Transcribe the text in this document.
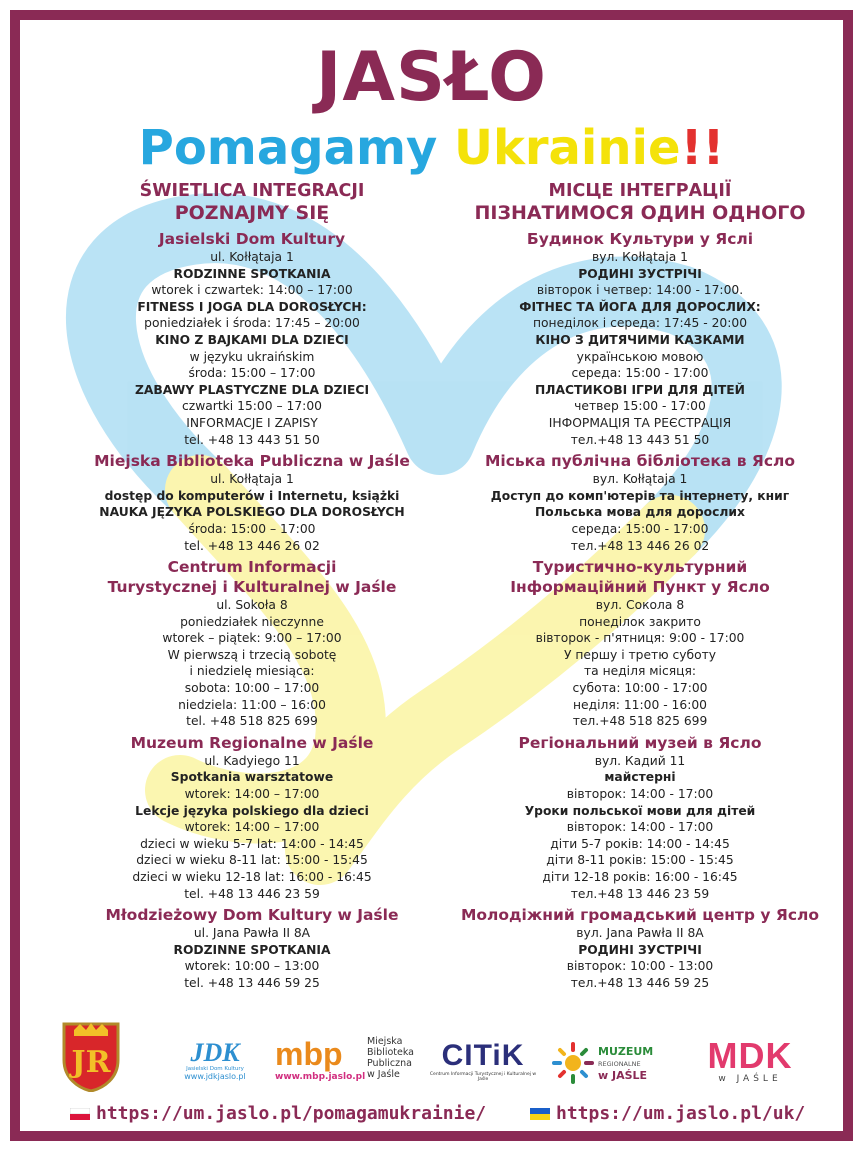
JASŁO
Pomagamy Ukrainie!!

ŚWIETLICA INTEGRACJI

POZNAJMY SIĘ

Jasielski Dom Kultury

ul. Kołłątaja 1

RODZINNE SPOTKANIA

wtorek i czwartek: 14:00 – 17:00

FITNESS I JOGA DLA DOROSŁYCH:

poniedziałek i środa: 17:45 – 20:00

KINO Z BAJKAMI DLA DZIECI

w języku ukraińskim

środa: 15:00 – 17:00

ZABAWY PLASTYCZNE DLA DZIECI

czwartki 15:00 – 17:00

INFORMACJE I ZAPISY

tel. +48 13 443 51 50

Miejska Biblioteka Publiczna w Jaśle

ul. Kołłątaja 1

dostęp do komputerów i Internetu, książki

NAUKA JĘZYKA POLSKIEGO DLA DOROSŁYCH

środa: 15:00 – 17:00

tel. +48 13 446 26 02

Centrum Informacji

Turystycznej i Kulturalnej w Jaśle

ul. Sokoła 8

poniedziałek nieczynne

wtorek – piątek: 9:00 – 17:00

W pierwszą i trzecią sobotę

i niedzielę miesiąca:

sobota: 10:00 – 17:00

niedziela: 11:00 – 16:00

tel. +48 518 825 699

Muzeum Regionalne w Jaśle

ul. Kadyiego 11

Spotkania warsztatowe

wtorek: 14:00 – 17:00

Lekcje języka polskiego dla dzieci

wtorek: 14:00 – 17:00

dzieci w wieku 5-7 lat: 14:00 - 14:45

dzieci w wieku 8-11 lat: 15:00 - 15:45

dzieci w wieku 12-18 lat: 16:00 - 16:45

tel. +48 13 446 23 59

Młodzieżowy Dom Kultury w Jaśle

ul. Jana Pawła II 8A

RODZINNE SPOTKANIA

wtorek: 10:00 – 13:00

tel. +48 13 446 59 25

МІСЦЕ ІНТЕГРАЦІЇ

ПІЗНАТИМОСЯ ОДИН ОДНОГО

Будинок Культури у Яслі

вул. Кołłątaja 1

РОДИНІ ЗУСТРІЧІ

вівторок і четвер: 14:00 - 17:00.

ФІТНЕС ТА ЙОГА ДЛЯ ДОРОСЛИХ:

понеділок і середа: 17:45 - 20:00

КІНО З ДИТЯЧИМИ КАЗКАМИ

українською мовою

середа: 15:00 - 17:00

ПЛАСТИКОВІ ІГРИ ДЛЯ ДІТЕЙ

четвер 15:00 - 17:00

ІНФОРМАЦІЯ ТА РЕЄСТРАЦІЯ

тел.+48 13 443 51 50

Міська публічна бібліотека в Ясло

вул. Kołłątaja 1

Доступ до комп'ютерів та інтернету, книг

Польська мова для дорослих

середа: 15:00 - 17:00

тел.+48 13 446 26 02

Туристично-культурний

Інформаційний Пункт у Ясло

вул. Сокола 8

понеділок закрито

вівторок - п'ятниця: 9:00 - 17:00

У першу і третю суботу

та неділя місяця:

субота: 10:00 - 17:00

неділя: 11:00 - 16:00

тел.+48 518 825 699

Регіональний музей в Ясло

вул. Кадий 11

майстерні

вівторок: 14:00 - 17:00

Уроки польської мови для дітей

вівторок: 14:00 - 17:00

діти 5-7 років: 14:00 - 14:45

діти 8-11 років: 15:00 - 15:45

діти 12-18 років: 16:00 - 16:45

тел.+48 13 446 23 59

Молодіжний громадський центр у Ясло

вул. Jana Pawła II 8A

РОДИНІ ЗУСТРІЧІ

вівторок: 10:00 - 13:00

тел.+48 13 446 59 25

JR	JDK
Jasielski Dom Kultury
www.jdkjaslo.pl
mbp
www.mbp.jaslo.pl
Miejska
Biblioteka
Publiczna
w Jaśle
CITiK
Centrum Informacji Turystycznej i Kulturalnej w Jaśle
MUZEUM
REGIONALNE
w JAŚLE	MDK
w JAŚLE
https://um.jaslo.pl/pomagamukrainie/	https://um.jaslo.pl/uk/
